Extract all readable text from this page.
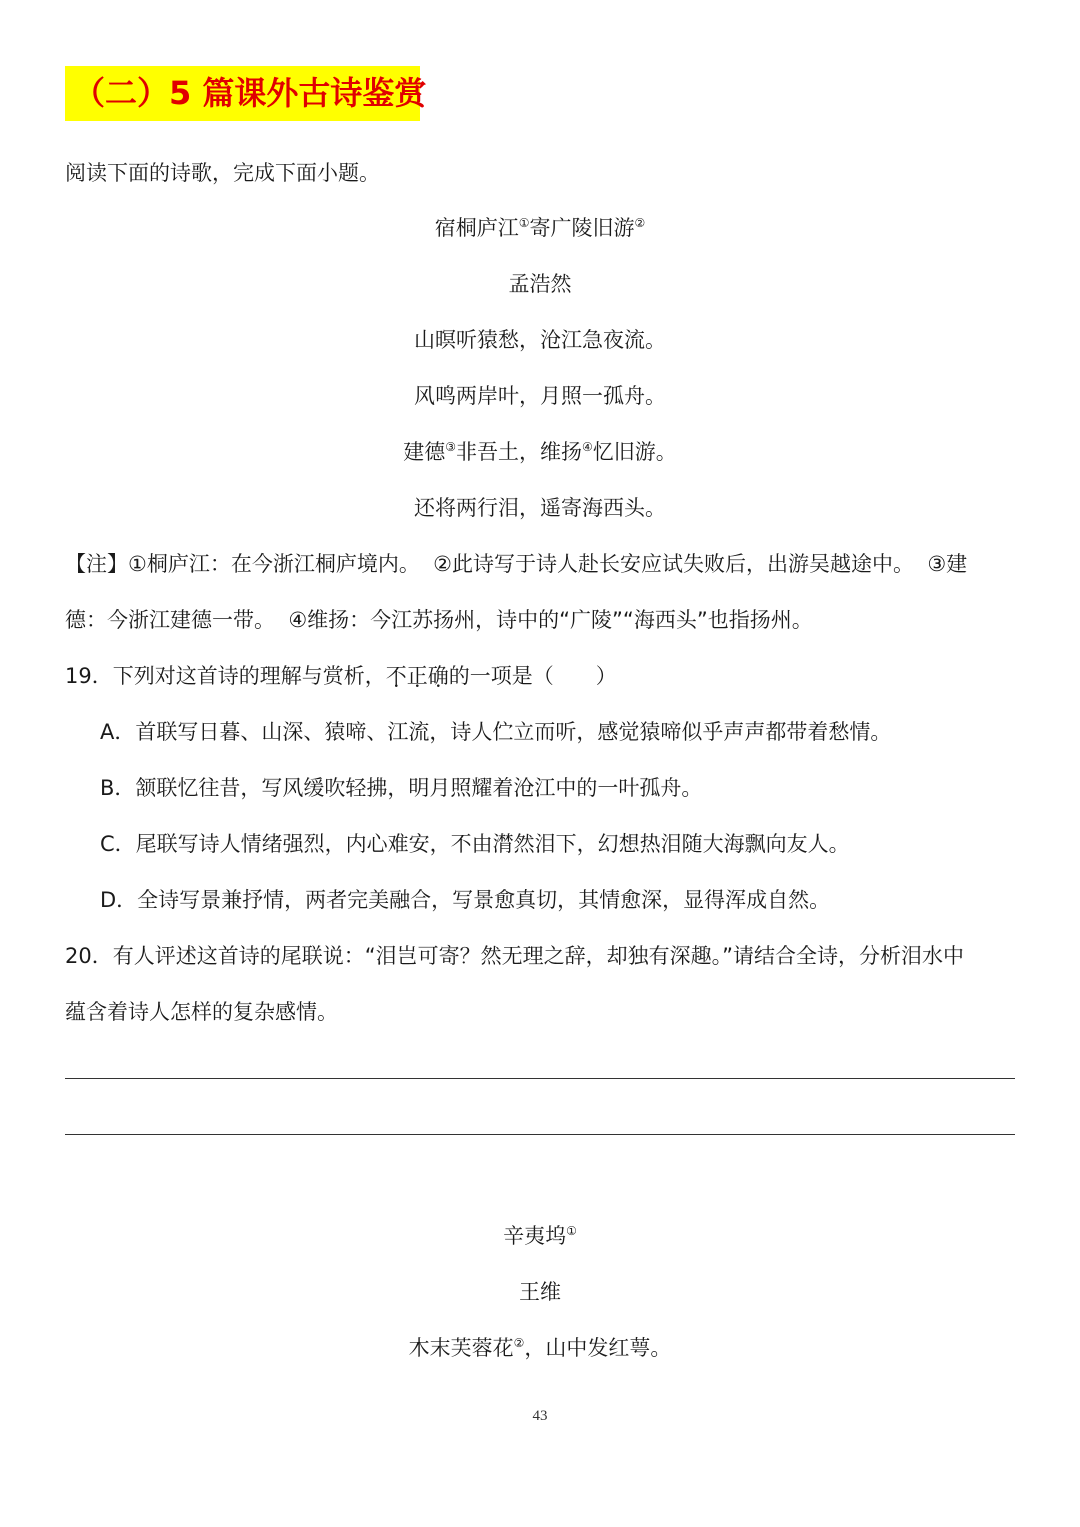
（二）5 篇课外古诗鉴赏
阅读下面的诗歌，完成下面小题。
宿桐庐江①寄广陵旧游②
孟浩然
山暝听猿愁，沧江急夜流。
风鸣两岸叶，月照一孤舟。
建德③非吾土，维扬④忆旧游。
还将两行泪，遥寄海西头。
【注】①桐庐江：在今浙江桐庐境内。  ②此诗写于诗人赴长安应试失败后，出游吴越途中。  ③建
德：今浙江建德一带。  ④维扬：今江苏扬州，诗中的“广陵”“海西头”也指扬州。
19．下列对这首诗的理解与赏析，不正确的一项是（　　）
A．首联写日暮、山深、猿啼、江流，诗人伫立而听，感觉猿啼似乎声声都带着愁情。
B．颔联忆往昔，写风缓吹轻拂，明月照耀着沧江中的一叶孤舟。
C．尾联写诗人情绪强烈，内心难安，不由潸然泪下，幻想热泪随大海飘向友人。
D．全诗写景兼抒情，两者完美融合，写景愈真切，其情愈深，显得浑成自然。
20．有人评述这首诗的尾联说：“泪岂可寄？然无理之辞，却独有深趣。”请结合全诗，分析泪水中
蕴含着诗人怎样的复杂感情。
辛夷坞①
王维
木末芙蓉花②，山中发红萼。
43
